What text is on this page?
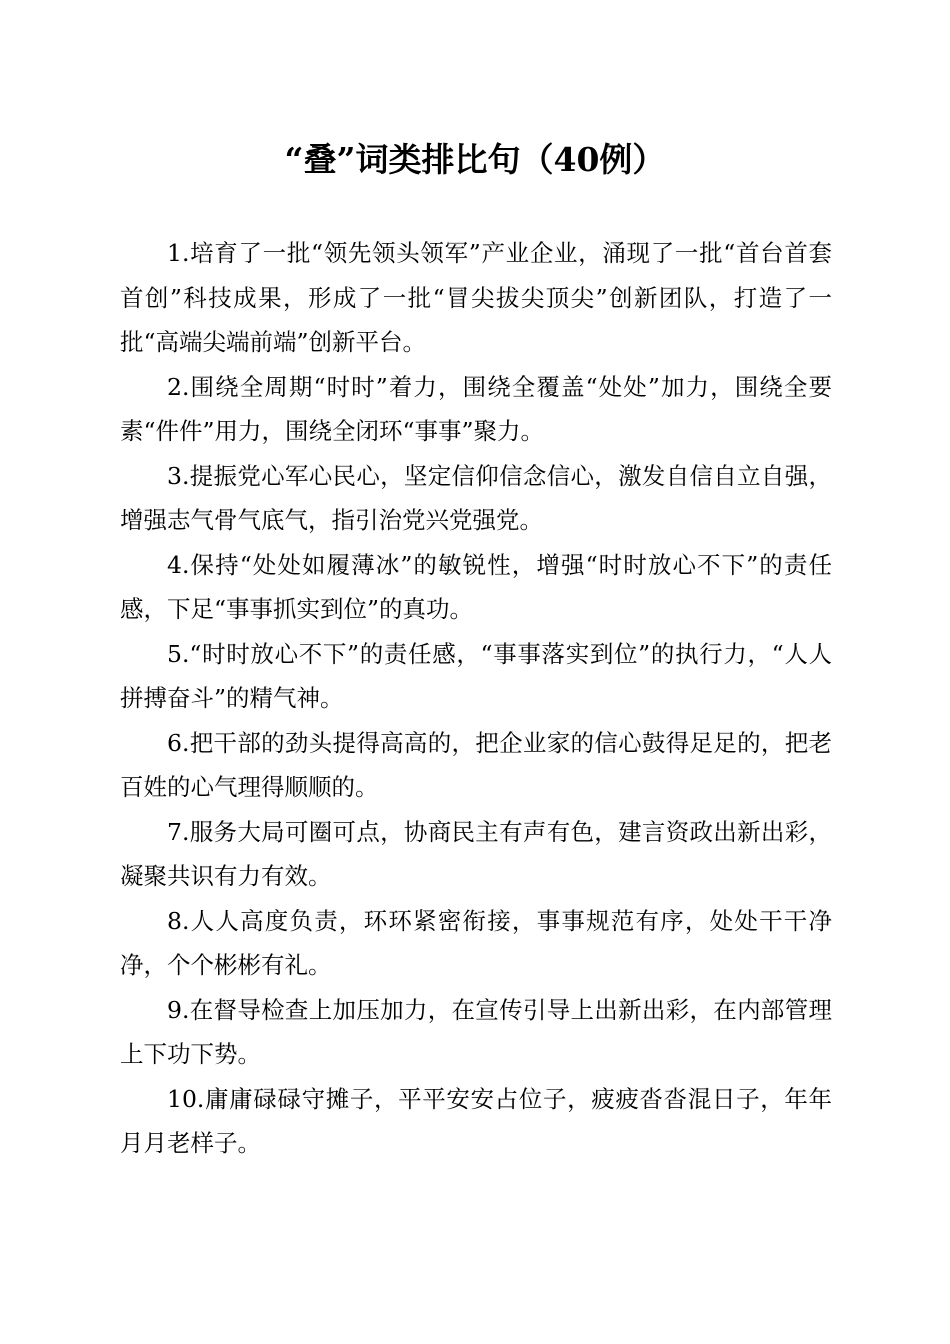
“叠”词类排比句（40例）

1.培育了一批“领先领头领军”产业企业，涌现了一批“首台首套首创”科技成果，形成了一批“冒尖拔尖顶尖”创新团队，打造了一批“高端尖端前端”创新平台。

2.围绕全周期“时时”着力，围绕全覆盖“处处”加力，围绕全要素“件件”用力，围绕全闭环“事事”聚力。

3.提振党心军心民心，坚定信仰信念信心，激发自信自立自强，增强志气骨气底气，指引治党兴党强党。

4.保持“处处如履薄冰”的敏锐性，增强“时时放心不下”的责任感，下足“事事抓实到位”的真功。

5.“时时放心不下”的责任感，“事事落实到位”的执行力，“人人拼搏奋斗”的精气神。

6.把干部的劲头提得高高的，把企业家的信心鼓得足足的，把老百姓的心气理得顺顺的。

7.服务大局可圈可点，协商民主有声有色，建言资政出新出彩，凝聚共识有力有效。

8.人人高度负责，环环紧密衔接，事事规范有序，处处干干净净，个个彬彬有礼。

9.在督导检查上加压加力，在宣传引导上出新出彩，在内部管理上下功下势。

10.庸庸碌碌守摊子，平平安安占位子，疲疲沓沓混日子，年年月月老样子。
